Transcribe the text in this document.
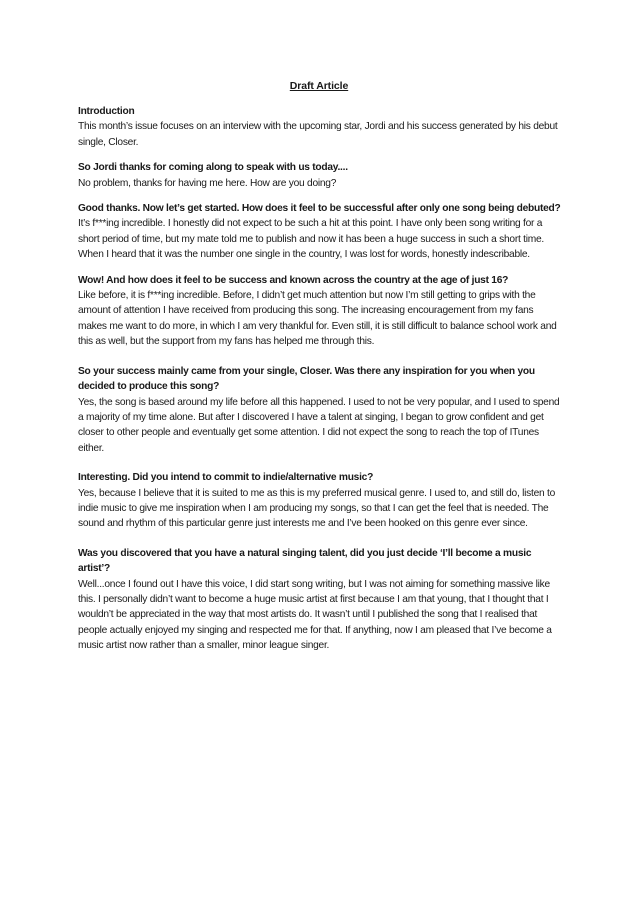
Draft Article

Introduction

This month’s issue focuses on an interview with the upcoming star, Jordi and his success generated by his debut single, Closer.

So Jordi thanks for coming along to speak with us today....

No problem, thanks for having me here. How are you doing?

Good thanks. Now let’s get started. How does it feel to be successful after only one song being debuted?

It’s f***ing incredible. I honestly did not expect to be such a hit at this point. I have only been song writing for a short period of time, but my mate told me to publish and now it has been a huge success in such a short time. When I heard that it was the number one single in the country, I was lost for words, honestly indescribable.

Wow! And how does it feel to be success and known across the country at the age of just 16?

Like before, it is f***ing incredible. Before, I didn’t get much attention but now I’m still getting to grips with the amount of attention I have received from producing this song. The increasing encouragement from my fans makes me want to do more, in which I am very thankful for. Even still, it is still difficult to balance school work and this as well, but the support from my fans has helped me through this.

So your success mainly came from your single, Closer. Was there any inspiration for you when you decided to produce this song?

Yes, the song is based around my life before all this happened. I used to not be very popular, and I used to spend a majority of my time alone. But after I discovered I have a talent at singing, I began to grow confident and get closer to other people and eventually get some attention. I did not expect the song to reach the top of ITunes either.

Interesting. Did you intend to commit to indie/alternative music?

Yes, because I believe that it is suited to me as this is my preferred musical genre. I used to, and still do, listen to indie music to give me inspiration when I am producing my songs, so that I can get the feel that is needed. The sound and rhythm of this particular genre just interests me and I’ve been hooked on this genre ever since.

Was you discovered that you have a natural singing talent, did you just decide ‘I’ll become a music artist’?

Well...once I found out I have this voice, I did start song writing, but I was not aiming for something massive like this. I personally didn’t want to become a huge music artist at first because I am that young, that I thought that I wouldn’t be appreciated in the way that most artists do. It wasn’t until I published the song that I realised that people actually enjoyed my singing and respected me for that. If anything, now I am pleased that I’ve become a music artist now rather than a smaller, minor league singer.
